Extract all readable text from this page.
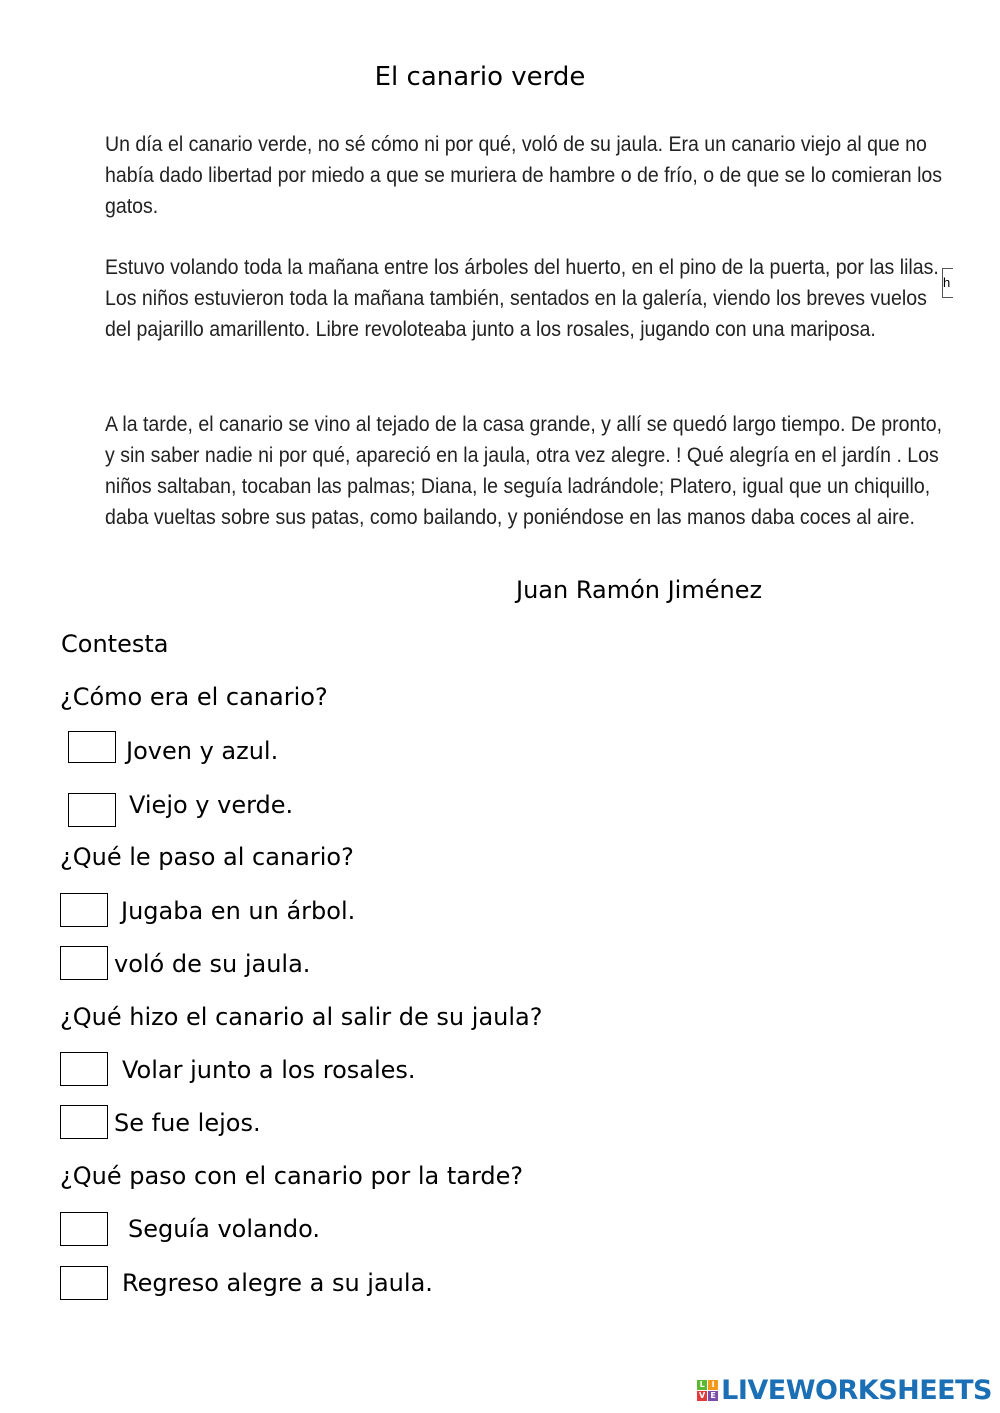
El canario verde
Un día el canario verde, no sé cómo ni por qué, voló de su jaula. Era un canario viejo al que no había dado libertad por miedo a que se muriera de hambre o de frío, o de que se lo comieran los gatos.
Estuvo volando toda la mañana entre los árboles del huerto, en el pino de la puerta, por las lilas. Los niños estuvieron toda la mañana también, sentados en la galería, viendo los breves vuelos del pajarillo amarillento. Libre revoloteaba junto a los rosales, jugando con una mariposa.
A la tarde, el canario se vino al tejado de la casa grande, y allí se quedó largo tiempo. De pronto, y sin saber nadie ni por qué, apareció en la jaula, otra vez alegre. ! Qué alegría en el jardín . Los niños saltaban, tocaban las palmas; Diana, le seguía ladrándole; Platero, igual que un chiquillo, daba vueltas sobre sus patas, como bailando, y poniéndose en las manos daba coces al aire.
h
Juan Ramón Jiménez
Contesta
¿Cómo era el canario?
Joven y azul.
Viejo y verde.
¿Qué le paso al canario?
Jugaba en un árbol.
voló de su jaula.
¿Qué hizo el canario al salir de su jaula?
Volar junto a los rosales.
Se fue lejos.
¿Qué paso con el canario por la tarde?
Seguía volando.
Regreso alegre a su jaula.
L I
V E LIVEWORKSHEETS
